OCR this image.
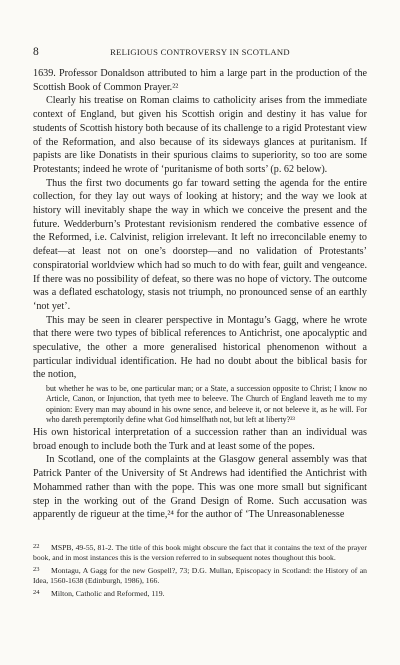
8	RELIGIOUS CONTROVERSY IN SCOTLAND

1639. Professor Donaldson attributed to him a large part in the production of the Scottish Book of Common Prayer.²²

Clearly his treatise on Roman claims to catholicity arises from the immediate context of England, but given his Scottish origin and destiny it has value for students of Scottish history both because of its challenge to a rigid Protestant view of the Reformation, and also because of its sideways glances at puritanism. If papists are like Donatists in their spurious claims to superiority, so too are some Protestants; indeed he wrote of ‘puritanisme of both sorts’ (p. 62 below).

Thus the first two documents go far toward setting the agenda for the entire collection, for they lay out ways of looking at history; and the way we look at history will inevitably shape the way in which we conceive the present and the future. Wedderburn’s Protestant revisionism rendered the combative essence of the Reformed, i.e. Calvinist, religion irrelevant. It left no irreconcilable enemy to defeat—at least not on one’s doorstep—and no validation of Protestants’ conspiratorial worldview which had so much to do with fear, guilt and vengeance. If there was no possibility of defeat, so there was no hope of victory. The outcome was a deflated eschatology, stasis not triumph, no pronounced sense of an earthly ‘not yet’.

This may be seen in clearer perspective in Montagu’s Gagg, where he wrote that there were two types of biblical references to Antichrist, one apocalyptic and speculative, the other a more generalised historical phenomenon without a particular individual identification. He had no doubt about the biblical basis for the notion,

but whether he was to be, one particular man; or a State, a succession opposite to Christ; I know no Article, Canon, or Injunction, that tyeth mee to beleeve. The Church of England leaveth me to my opinion: Every man may abound in his owne sence, and beleeve it, or not beleeve it, as he will. For who dareth peremptorily define what God himselfhath not, but left at liberty?²³

His own historical interpretation of a succession rather than an individual was broad enough to include both the Turk and at least some of the popes.

In Scotland, one of the complaints at the Glasgow general assembly was that Patrick Panter of the University of St Andrews had identified the Antichrist with Mohammed rather than with the pope. This was one more small but significant step in the working out of the Grand Design of Rome. Such accusation was apparently de rigueur at the time,²⁴ for the author of ‘The Unreasonablenesse

22 MSPB, 49-55, 81-2. The title of this book might obscure the fact that it contains the text of the prayer book, and in most instances this is the version referred to in subsequent notes thoughout this book.
23 Montagu, A Gagg for the new Gospell?, 73; D.G. Mullan, Episcopacy in Scotland: the History of an Idea, 1560-1638 (Edinburgh, 1986), 166.
24 Milton, Catholic and Reformed, 119.
